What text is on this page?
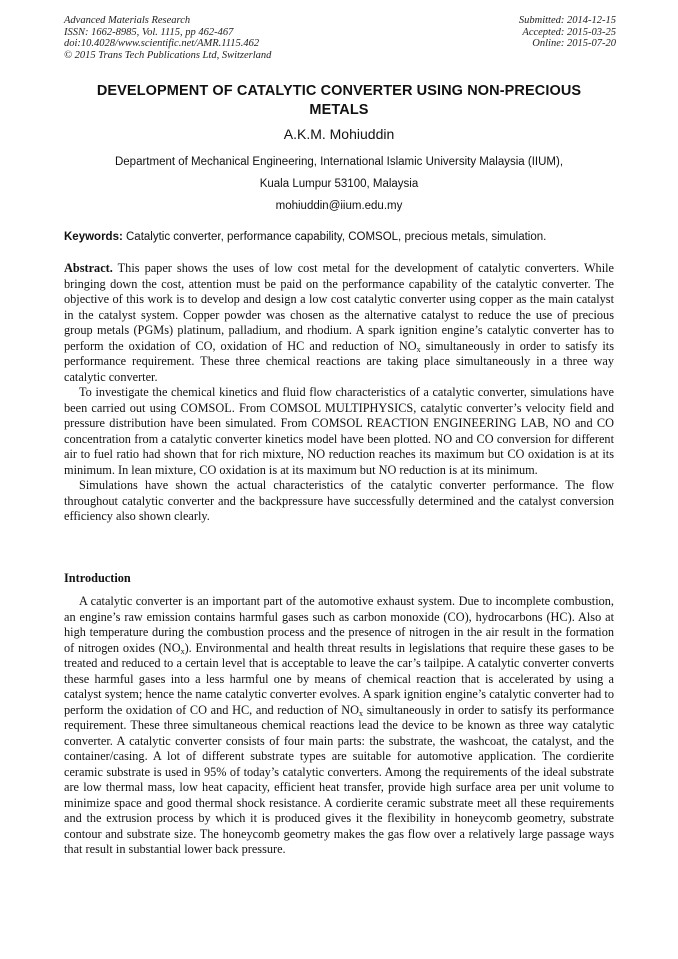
Advanced Materials Research
ISSN: 1662-8985, Vol. 1115, pp 462-467
doi:10.4028/www.scientific.net/AMR.1115.462
© 2015 Trans Tech Publications Ltd, Switzerland
Submitted: 2014-12-15
Accepted: 2015-03-25
Online: 2015-07-20
DEVELOPMENT OF CATALYTIC CONVERTER USING NON-PRECIOUS
METALS
A.K.M. Mohiuddin
Department of Mechanical Engineering, International Islamic University Malaysia (IIUM),
Kuala Lumpur 53100, Malaysia
mohiuddin@iium.edu.my
Keywords: Catalytic converter, performance capability, COMSOL, precious metals, simulation.

Abstract. This paper shows the uses of low cost metal for the development of catalytic converters. While bringing down the cost, attention must be paid on the performance capability of the catalytic converter. The objective of this work is to develop and design a low cost catalytic converter using copper as the main catalyst in the catalyst system. Copper powder was chosen as the alternative catalyst to reduce the use of precious group metals (PGMs) platinum, palladium, and rhodium. A spark ignition engine’s catalytic converter has to perform the oxidation of CO, oxidation of HC and reduction of $NO_x$ simultaneously in order to satisfy its performance requirement. These three chemical reactions are taking place simultaneously in a three way catalytic converter.

To investigate the chemical kinetics and fluid flow characteristics of a catalytic converter, simulations have been carried out using COMSOL. From COMSOL MULTIPHYSICS, catalytic converter’s velocity field and pressure distribution have been simulated. From COMSOL REACTION ENGINEERING LAB, NO and CO concentration from a catalytic converter kinetics model have been plotted. NO and CO conversion for different air to fuel ratio had shown that for rich mixture, NO reduction reaches its maximum but CO oxidation is at its minimum. In lean mixture, CO oxidation is at its maximum but NO reduction is at its minimum.

Simulations have shown the actual characteristics of the catalytic converter performance. The flow throughout catalytic converter and the backpressure have successfully determined and the catalyst conversion efficiency also shown clearly.

Introduction

A catalytic converter is an important part of the automotive exhaust system. Due to incomplete combustion, an engine’s raw emission contains harmful gases such as carbon monoxide (CO), hydrocarbons (HC). Also at high temperature during the combustion process and the presence of nitrogen in the air result in the formation of nitrogen oxides $(NO_x)$. Environmental and health threat results in legislations that require these gases to be treated and reduced to a certain level that is acceptable to leave the car’s tailpipe. A catalytic converter converts these harmful gases into a less harmful one by means of chemical reaction that is accelerated by using a catalyst system; hence the name catalytic converter evolves. A spark ignition engine’s catalytic converter had to perform the oxidation of CO and HC, and reduction of $NO_x$ simultaneously in order to satisfy its performance requirement. These three simultaneous chemical reactions lead the device to be known as three way catalytic converter. A catalytic converter consists of four main parts: the substrate, the washcoat, the catalyst, and the container/casing. A lot of different substrate types are suitable for automotive application. The cordierite ceramic substrate is used in 95% of today’s catalytic converters. Among the requirements of the ideal substrate are low thermal mass, low heat capacity, efficient heat transfer, provide high surface area per unit volume to minimize space and good thermal shock resistance. A cordierite ceramic substrate meet all these requirements and the extrusion process by which it is produced gives it the flexibility in honeycomb geometry, substrate contour and substrate size. The honeycomb geometry makes the gas flow over a relatively large passage ways that result in substantial lower back pressure.
